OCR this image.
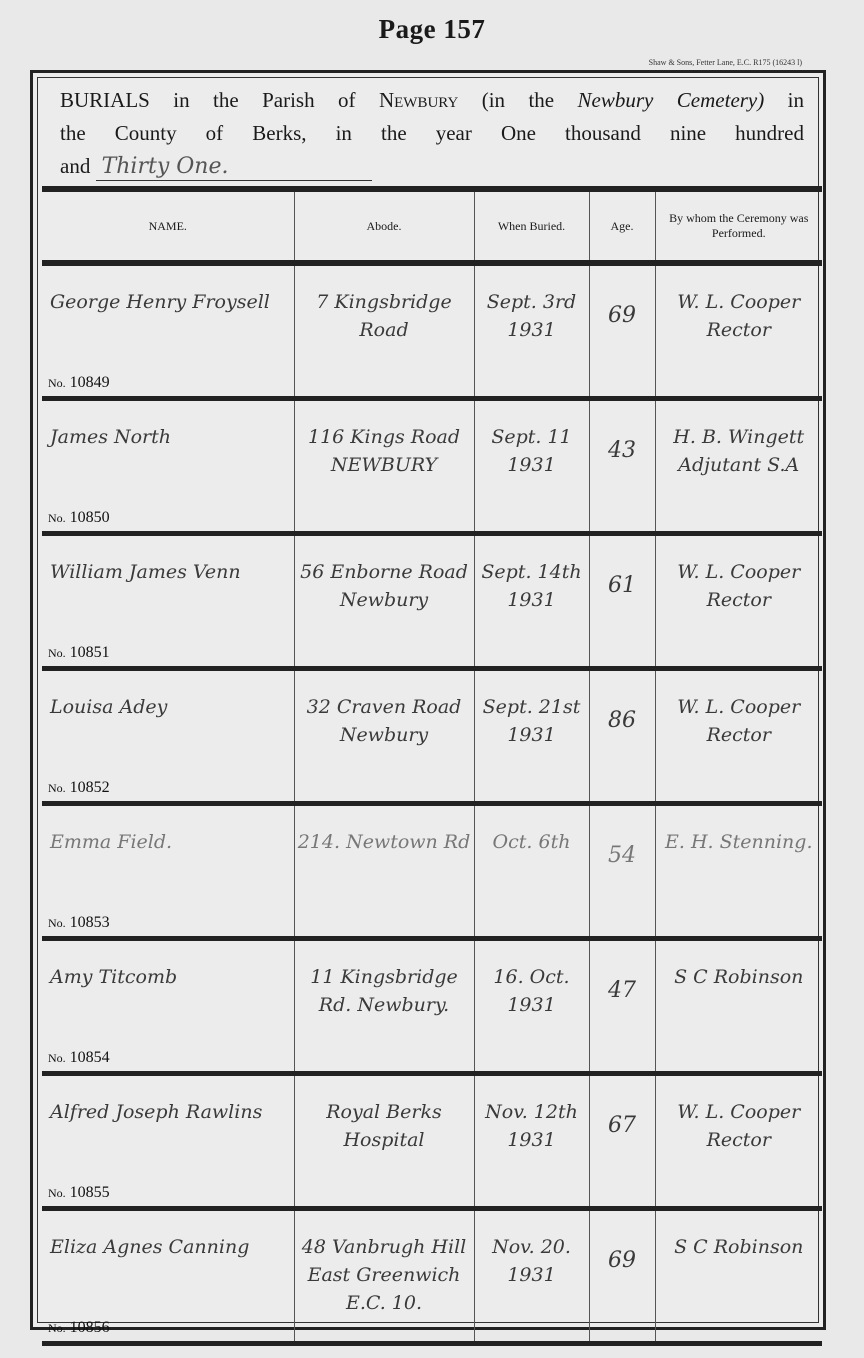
Page 157
Shaw & Sons, Fetter Lane, E.C. R175 (16243 l)
BURIALS in the Parish of Newbury (in the Newbury Cemetery) in
the County of Berks, in the year One thousand nine hundred
and Thirty One.
NAME.	Abode.	When Buried.	Age.	By whom the Ceremony was Performed.

George Henry Froysell
No. 10849	7 Kingsbridge Road	Sept. 3rd 1931	69	W. L. Cooper Rector

James North
No. 10850	116 Kings Road NEWBURY	Sept. 11 1931	43	H. B. Wingett Adjutant S.A

William James Venn
No. 10851	56 Enborne Road Newbury	Sept. 14th 1931	61	W. L. Cooper Rector

Louisa Adey
No. 10852	32 Craven Road Newbury	Sept. 21st 1931	86	W. L. Cooper Rector

Emma Field.
No. 10853	214. Newtown Rd	Oct. 6th	54	E. H. Stenning.

Amy Titcomb
No. 10854	11 Kingsbridge Rd. Newbury.	16. Oct. 1931	47	S C Robinson

Alfred Joseph Rawlins
No. 10855	Royal Berks Hospital	Nov. 12th 1931	67	W. L. Cooper Rector

Eliza Agnes Canning
No. 10856	48 Vanbrugh Hill East Greenwich E.C. 10.	Nov. 20. 1931	69	S C Robinson
